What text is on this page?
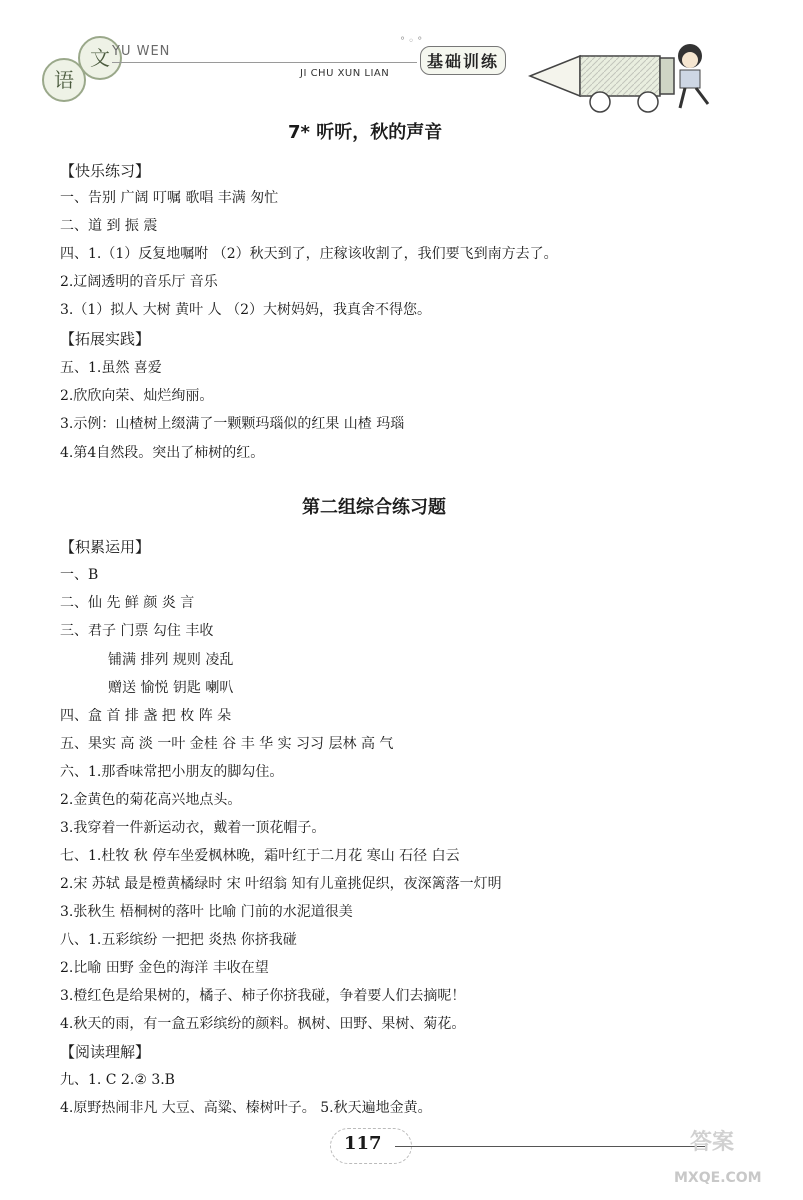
语
文 YU WEN
° ◦ °
JI CHU XUN LIAN
基础训练
7* 听听，秋的声音
【快乐练习】
一、告别 广阔 叮嘱 歌唱 丰满 匆忙
二、道 到 振 震
四、1.（1）反复地嘱咐 （2）秋天到了，庄稼该收割了，我们要飞到南方去了。
2.辽阔透明的音乐厅 音乐
3.（1）拟人 大树 黄叶 人 （2）大树妈妈，我真舍不得您。
【拓展实践】
五、1.虽然 喜爱
2.欣欣向荣、灿烂绚丽。
3.示例：山楂树上缀满了一颗颗玛瑙似的红果 山楂 玛瑙
4.第4自然段。突出了柿树的红。
第二组综合练习题
【积累运用】
一、B
二、仙 先 鲜 颜 炎 言
三、君子 门票 勾住 丰收
铺满 排列 规则 凌乱
赠送 愉悦 钥匙 喇叭
四、盒 首 排 盏 把 枚 阵 朵
五、果实 高 淡 一叶 金桂 谷 丰 华 实 习习 层林 高 气
六、1.那香味常把小朋友的脚勾住。
2.金黄色的菊花高兴地点头。
3.我穿着一件新运动衣，戴着一顶花帽子。
七、1.杜牧 秋 停车坐爱枫林晚，霜叶红于二月花 寒山 石径 白云
2.宋 苏轼 最是橙黄橘绿时 宋 叶绍翁 知有儿童挑促织，夜深篱落一灯明
3.张秋生 梧桐树的落叶 比喻 门前的水泥道很美
八、1.五彩缤纷 一把把 炎热 你挤我碰
2.比喻 田野 金色的海洋 丰收在望
3.橙红色是给果树的，橘子、柿子你挤我碰，争着要人们去摘呢！
4.秋天的雨，有一盒五彩缤纷的颜料。枫树、田野、果树、菊花。
【阅读理解】
九、1. C 2.② 3.B
4.原野热闹非凡 大豆、高粱、榛树叶子。 5.秋天遍地金黄。
117	答案
MXQE.COM
